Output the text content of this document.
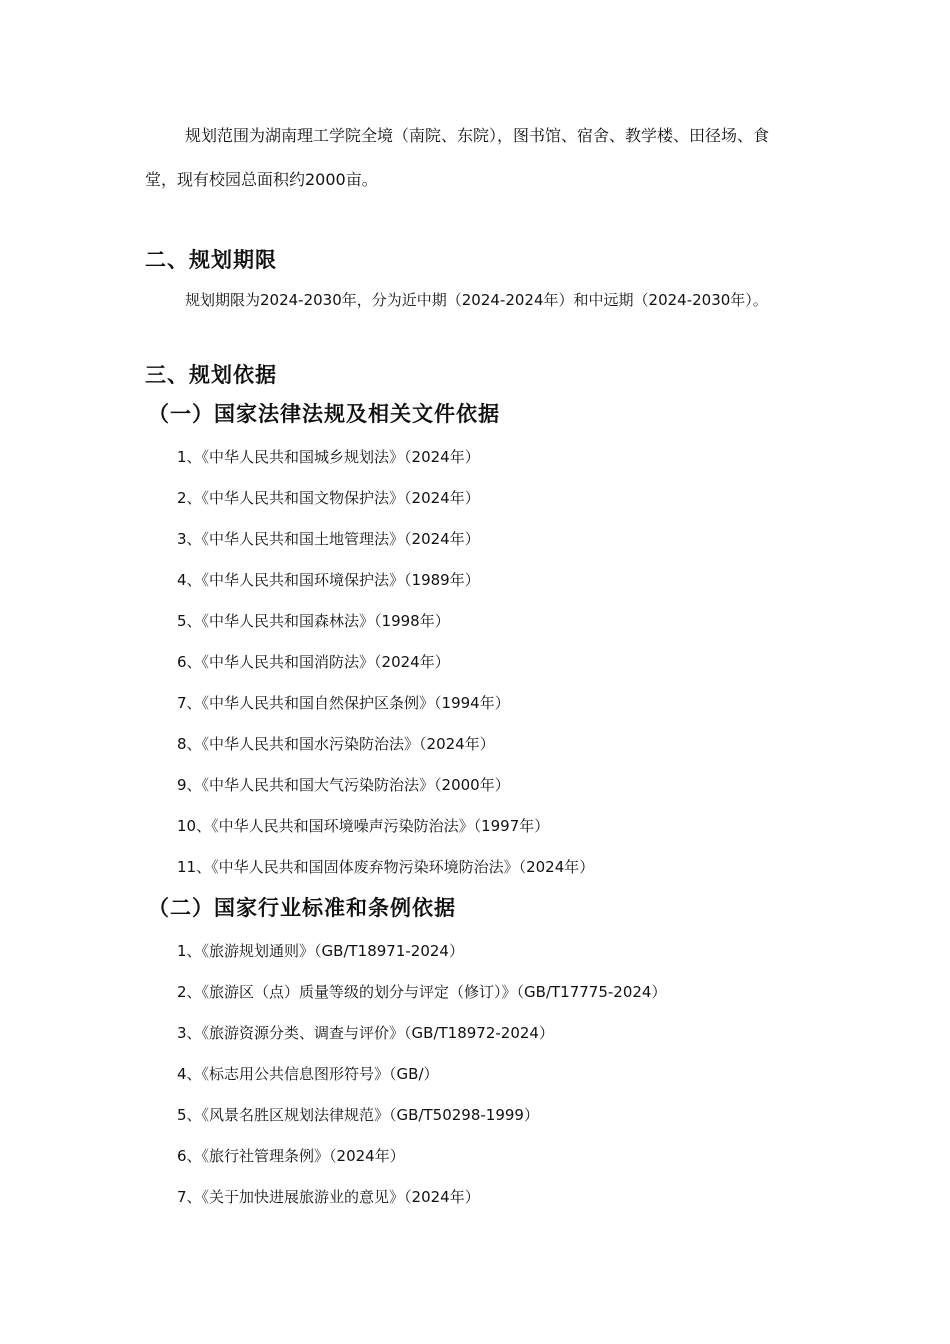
规划范围为湖南理工学院全境（南院、东院），图书馆、宿舍、教学楼、田径场、食
堂，现有校园总面积约2000亩。

二、规划期限

规划期限为2024-2030年，分为近中期（2024-2024年）和中远期（2024-2030年）。

三、规划依据
（一）国家法律法规及相关文件依据
1、《中华人民共和国城乡规划法》（2024年）
2、《中华人民共和国文物保护法》（2024年）
3、《中华人民共和国土地管理法》（2024年）
4、《中华人民共和国环境保护法》（1989年）
5、《中华人民共和国森林法》（1998年）
6、《中华人民共和国消防法》（2024年）
7、《中华人民共和国自然保护区条例》（1994年）
8、《中华人民共和国水污染防治法》（2024年）
9、《中华人民共和国大气污染防治法》（2000年）
10、《中华人民共和国环境噪声污染防治法》（1997年）
11、《中华人民共和国固体废弃物污染环境防治法》（2024年）
（二）国家行业标准和条例依据
1、《旅游规划通则》（GB/T18971-2024）
2、《旅游区（点）质量等级的划分与评定（修订）》（GB/T17775-2024）
3、《旅游资源分类、调查与评价》（GB/T18972-2024）
4、《标志用公共信息图形符号》（GB/）
5、《风景名胜区规划法律规范》（GB/T50298-1999）
6、《旅行社管理条例》（2024年）
7、《关于加快进展旅游业的意见》（2024年）
